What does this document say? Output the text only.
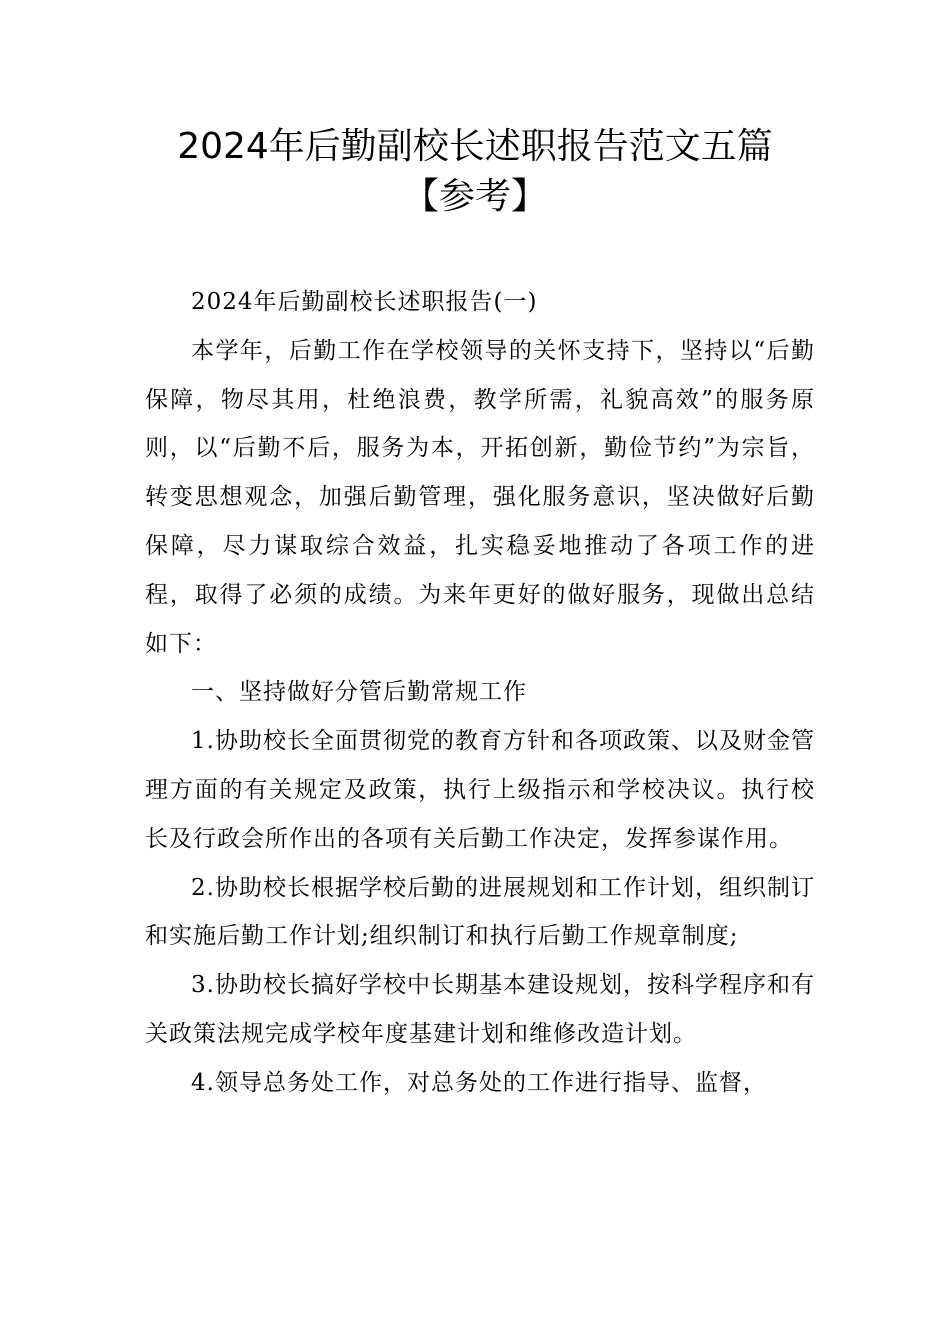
2024年后勤副校长述职报告范文五篇
【参考】

2024年后勤副校长述职报告(一)

本学年，后勤工作在学校领导的关怀支持下，坚持以“后勤保障，物尽其用，杜绝浪费，教学所需，礼貌高效”的服务原则，以“后勤不后，服务为本，开拓创新，勤俭节约”为宗旨，转变思想观念，加强后勤管理，强化服务意识，坚决做好后勤保障，尽力谋取综合效益，扎实稳妥地推动了各项工作的进程，取得了必须的成绩。为来年更好的做好服务，现做出总结如下：

一、坚持做好分管后勤常规工作

1.协助校长全面贯彻党的教育方针和各项政策、以及财金管理方面的有关规定及政策，执行上级指示和学校决议。执行校长及行政会所作出的各项有关后勤工作决定，发挥参谋作用。

2.协助校长根据学校后勤的进展规划和工作计划，组织制订和实施后勤工作计划;组织制订和执行后勤工作规章制度;

3.协助校长搞好学校中长期基本建设规划，按科学程序和有关政策法规完成学校年度基建计划和维修改造计划。

4.领导总务处工作，对总务处的工作进行指导、监督，
